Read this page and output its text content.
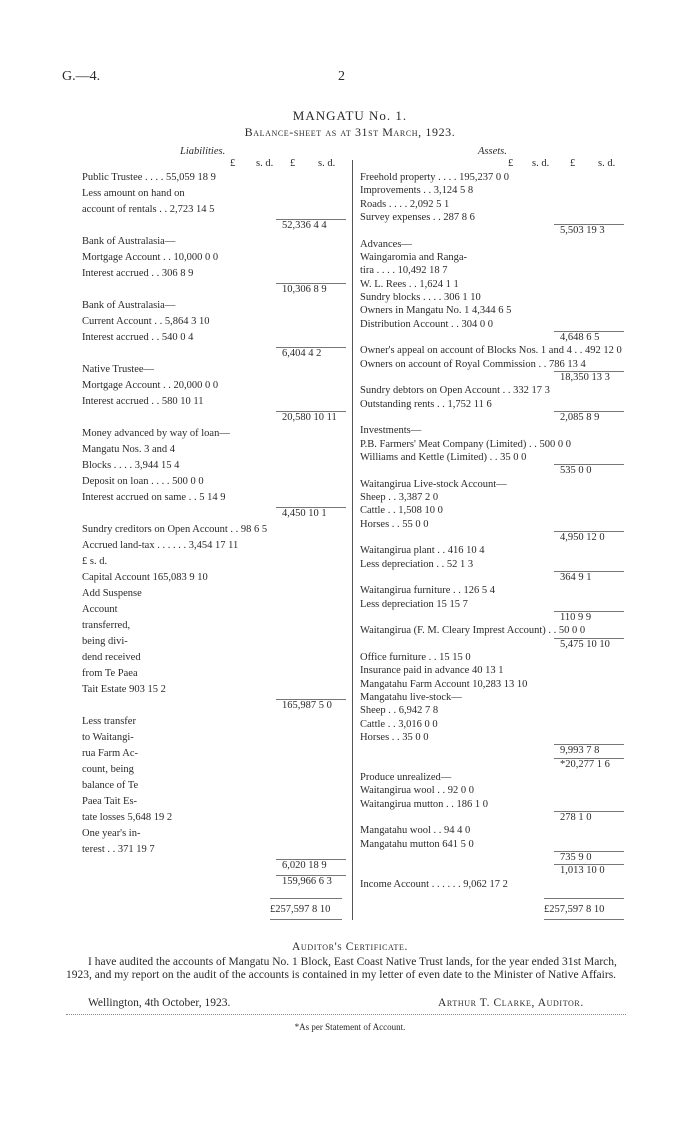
G.—4.	2
MANGATU No. 1.
Balance-sheet as at 31st March, 1923.
Liabilities.
£ s. d. £ s. d.
Public Trustee . . . . 55,059 18 9
Less amount on hand on
account of rentals . . 2,723 14 5
52,336 4 4
Bank of Australasia—
Mortgage Account . . 10,000 0 0
Interest accrued . . 306 8 9
10,306 8 9
Bank of Australasia—
Current Account . . 5,864 3 10
Interest accrued . . 540 0 4
6,404 4 2
Native Trustee—
Mortgage Account . . 20,000 0 0
Interest accrued . . 580 10 11
20,580 10 11
Money advanced by way of loan—
Mangatu Nos. 3 and 4
Blocks . . . . 3,944 15 4
Deposit on loan . . . . 500 0 0
Interest accrued on same . . 5 14 9
4,450 10 1
Sundry creditors on Open Account . . 98 6 5
Accrued land-tax . . . . . . 3,454 17 11
£ s. d.
Capital Account 165,083 9 10
Add Suspense
Account
transferred,
being divi-
dend received
from Te Paea
Tait Estate 903 15 2
165,987 5 0
Less transfer
to Waitangi-
rua Farm Ac-
count, being
balance of Te
Paea Tait Es-
tate losses 5,648 19 2
One year's in-
terest . . 371 19 7
6,020 18 9
159,966 6 3
£257,597 8 10
Assets.
£ s. d. £ s. d.
Freehold property . . . . 195,237 0 0
Improvements . . 3,124 5 8
Roads . . . . 2,092 5 1
Survey expenses . . 287 8 6
5,503 19 3
Advances—
Waingaromia and Ranga-
tira . . . . 10,492 18 7
W. L. Rees . . 1,624 1 1
Sundry blocks . . . . 306 1 10
Owners in Mangatu No. 1 4,344 6 5
Distribution Account . . 304 0 0
4,648 6 5
Owner's appeal on account of Blocks Nos. 1 and 4 . . 492 12 0
Owners on account of Royal Commission . . 786 13 4
18,350 13 3
Sundry debtors on Open Account . . 332 17 3
Outstanding rents . . 1,752 11 6
2,085 8 9
Investments—
P.B. Farmers' Meat Company (Limited) . . 500 0 0
Williams and Kettle (Limited) . . 35 0 0
535 0 0
Waitangirua Live-stock Account—
Sheep . . 3,387 2 0
Cattle . . 1,508 10 0
Horses . . 55 0 0
4,950 12 0
Waitangirua plant . . 416 10 4
Less depreciation . . 52 1 3
364 9 1
Waitangirua furniture . . 126 5 4
Less depreciation 15 15 7
110 9 9
Waitangirua (F. M. Cleary Imprest Account) . . 50 0 0
5,475 10 10
Office furniture . . 15 15 0
Insurance paid in advance 40 13 1
Mangatahu Farm Account 10,283 13 10
Mangatahu live-stock—
Sheep . . 6,942 7 8
Cattle . . 3,016 0 0
Horses . . 35 0 0
9,993 7 8
*20,277 1 6
Produce unrealized—
Waitangirua wool . . 92 0 0
Waitangirua mutton . . 186 1 0
278 1 0
Mangatahu wool . . 94 4 0
Mangatahu mutton 641 5 0
735 9 0
1,013 10 0
Income Account . . . . . . 9,062 17 2
£257,597 8 10
Auditor's Certificate.
I have audited the accounts of Mangatu No. 1 Block, East Coast Native Trust lands, for the year ended 31st March, 1923, and my report on the audit of the accounts is contained in my letter of even date to the Minister of Native Affairs.
Wellington, 4th October, 1923.	Arthur T. Clarke, Auditor.
*As per Statement of Account.
